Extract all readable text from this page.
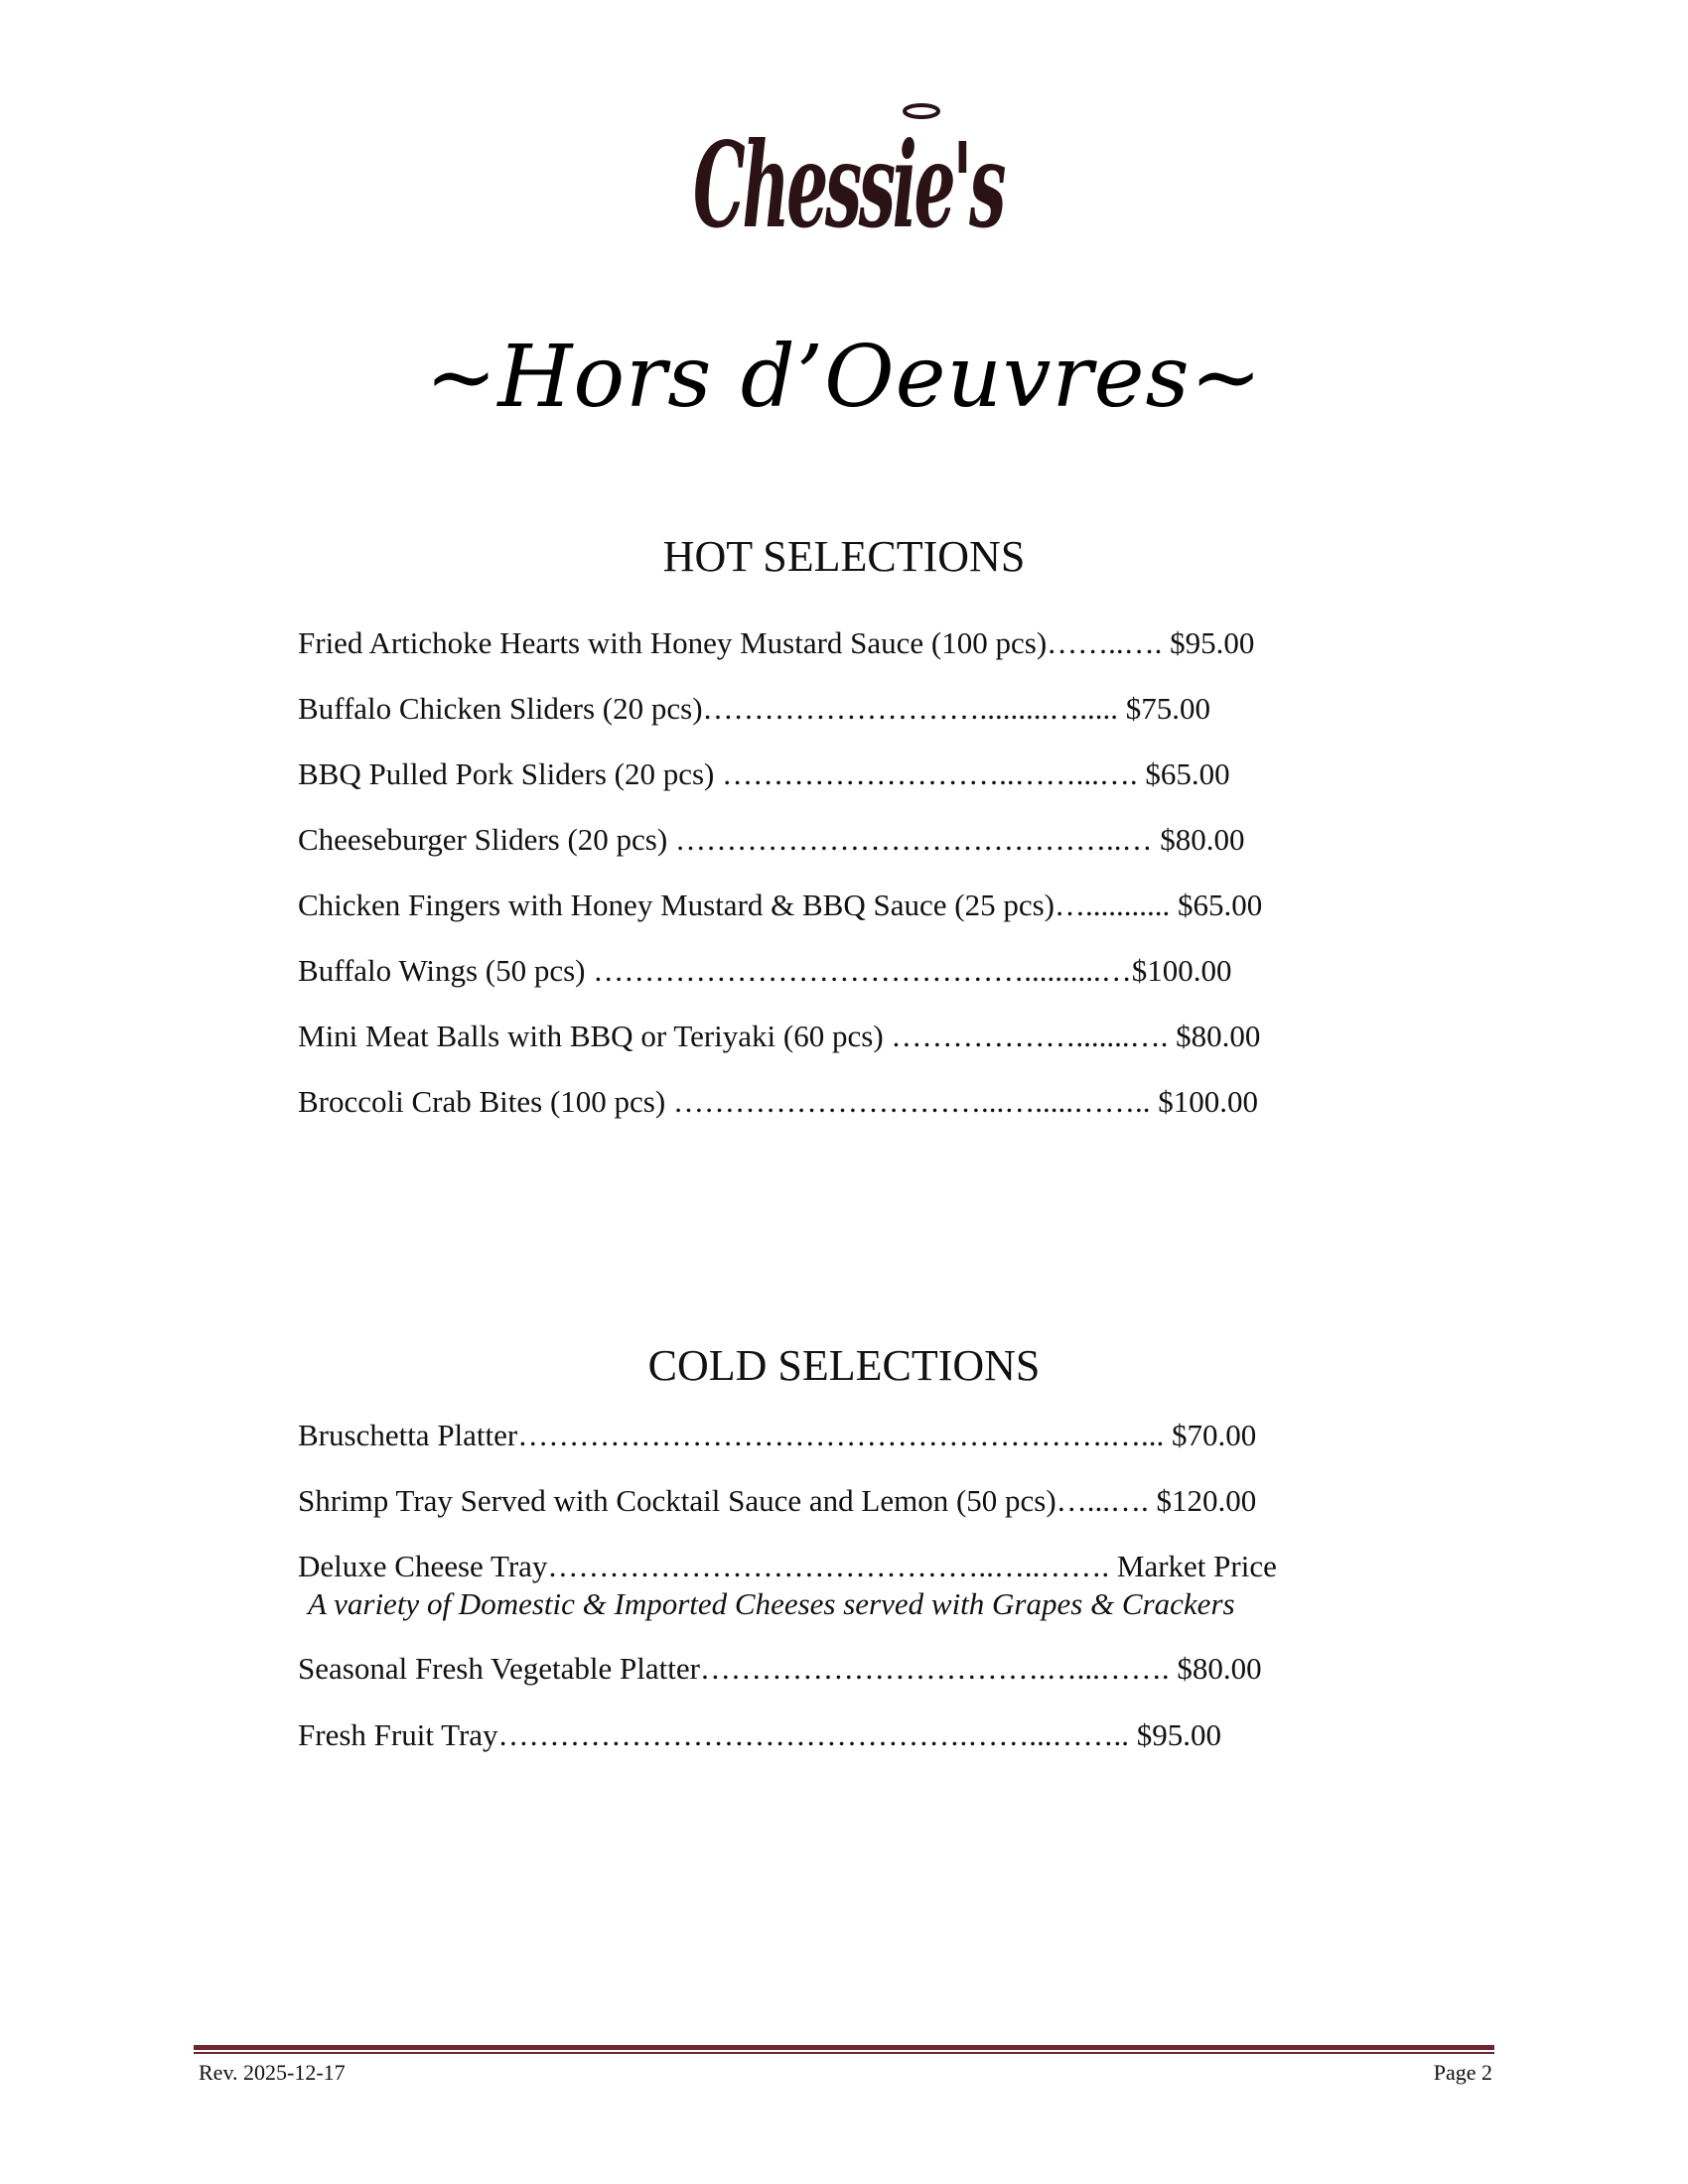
Chessie's
~Hors d’Oeuvres~
HOT SELECTIONS
Fried Artichoke Hearts with Honey Mustard Sauce (100 pcs)……..…. $95.00
Buffalo Chicken Sliders (20 pcs)……………………….........…..... $75.00
BBQ Pulled Pork Sliders (20 pcs) ………………………..……...…. $65.00
Cheeseburger Sliders (20 pcs) ……………………………………..… $80.00
Chicken Fingers with Honey Mustard & BBQ Sauce (25 pcs)…........... $65.00
Buffalo Wings (50 pcs) ……………………………………..........…$100.00
Mini Meat Balls with BBQ or Teriyaki (60 pcs) ……………….......…. $80.00
Broccoli Crab Bites (100 pcs) …………………………...….....…….. $100.00
COLD SELECTIONS
Bruschetta Platter………………………………………………….…... $70.00
Shrimp Tray Served with Cocktail Sauce and Lemon (50 pcs)…...…. $120.00
Deluxe Cheese Tray……………………………………..…..……. Market Price
A variety of Domestic & Imported Cheeses served with Grapes & Crackers
Seasonal Fresh Vegetable Platter…………………………….…...……. $80.00
Fresh Fruit Tray……………………………………….……...…….. $95.00
Rev. 2025-12-17	Page 2
